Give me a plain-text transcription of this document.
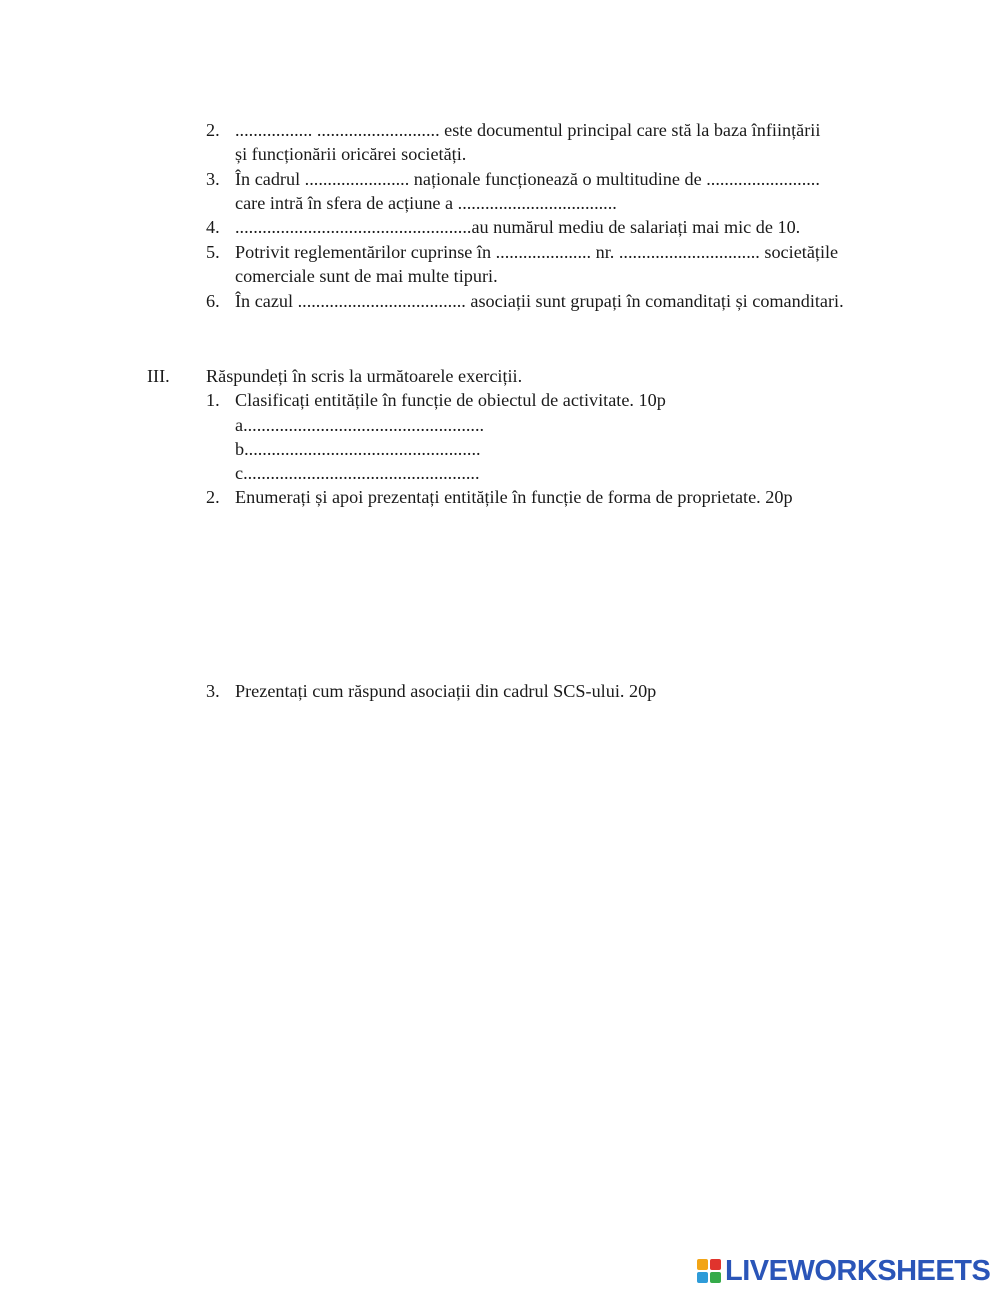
2. ................. ........................... este documentul principal care stă la baza înființării

și funcționării oricărei societăți.

3. În cadrul ....................... naționale funcționează o multitudine de .........................

care intră în sfera de acțiune a ...................................

4. ....................................................au numărul mediu de salariați mai mic de 10.

5. Potrivit reglementărilor cuprinse în ..................... nr. ............................... societățile

comerciale sunt de mai multe tipuri.

6. În cazul ..................................... asociații sunt grupați în comanditați și comanditari.

III. Răspundeți în scris la următoarele exerciții.

1. Clasificați entitățile în funcție de obiectul de activitate. 10p

a.....................................................

b....................................................

c....................................................

2. Enumerați și apoi prezentați entitățile în funcție de forma de proprietate. 20p

3. Prezentați cum răspund asociații din cadrul SCS-ului. 20p

LIVEWORKSHEETS
